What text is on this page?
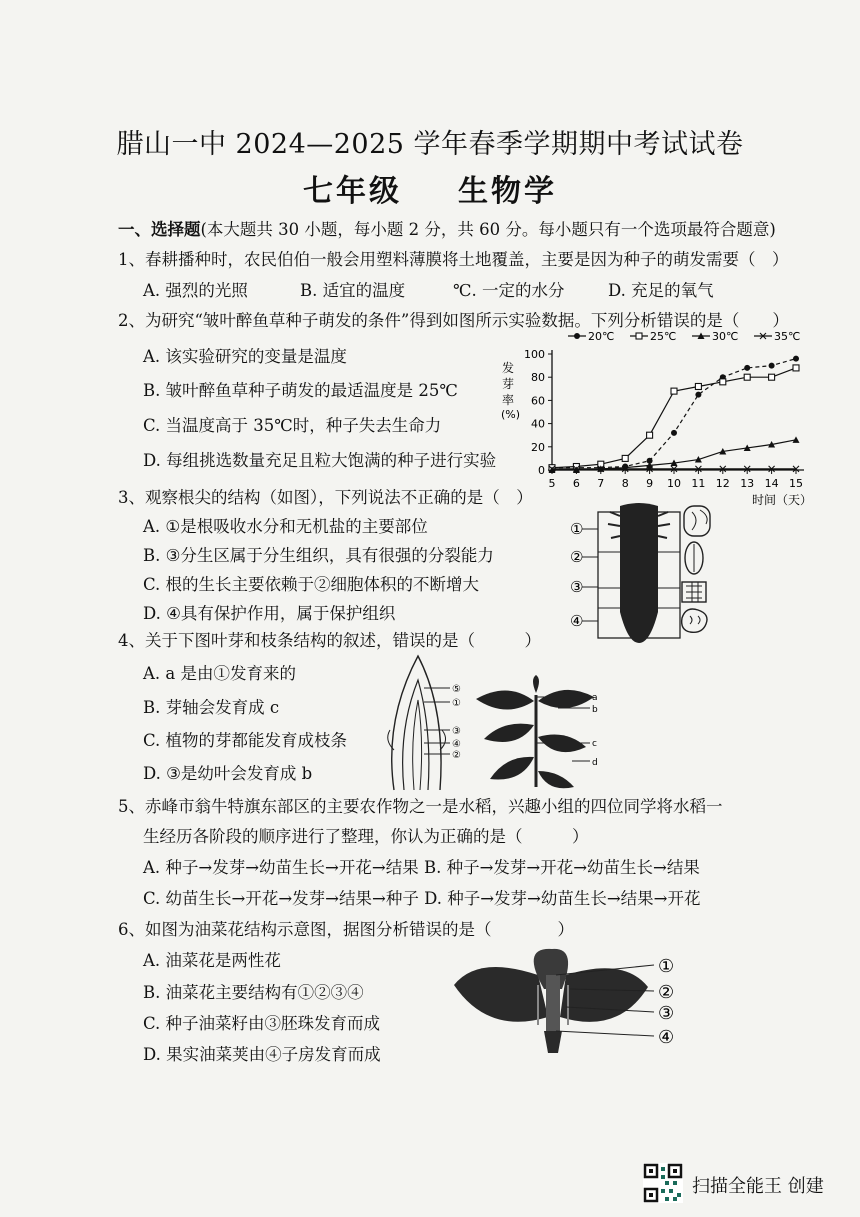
腊山一中 2024—2025 学年春季学期期中考试试卷
七年级 生物学
一、选择题(本大题共 30 小题，每小题 2 分，共 60 分。每小题只有一个选项最符合题意)
1、春耕播种时，农民伯伯一般会用塑料薄膜将土地覆盖，主要是因为种子的萌发需要（　）
A. 强烈的光照	B. 适宜的温度	℃. 一定的水分	D. 充足的氧气
2、为研究“皱叶醉鱼草种子萌发的条件”得到如图所示实验数据。下列分析错误的是（　　）
A. 该实验研究的变量是温度
B. 皱叶醉鱼草种子萌发的最适温度是 25℃
C. 当温度高于 35℃时，种子失去生命力
D. 每组挑选数量充足且粒大饱满的种子进行实验
20℃	25℃	30℃	35℃
0
20
40
60
80
100
5 6 7 8 9 10 11 12 13 14 15
发
芽
率
(%)
时间（天）
3、观察根尖的结构（如图），下列说法不正确的是（　）
A. ①是根吸收水分和无机盐的主要部位
B. ③分生区属于分生组织，具有很强的分裂能力
C. 根的生长主要依赖于②细胞体积的不断增大
D. ④具有保护作用，属于保护组织
①
②
③
④
4、关于下图叶芽和枝条结构的叙述，错误的是（　　　）
A. a 是由①发育来的
B. 芽轴会发育成 c
C. 植物的芽都能发育成枝条
D. ③是幼叶会发育成 b
⑤
①
③
④
②
a
b
c
d
5、赤峰市翁牛特旗东部区的主要农作物之一是水稻，兴趣小组的四位同学将水稻一
生经历各阶段的顺序进行了整理，你认为正确的是（　　　）
A. 种子→发芽→幼苗生长→开花→结果 B. 种子→发芽→开花→幼苗生长→结果
C. 幼苗生长→开花→发芽→结果→种子 D. 种子→发芽→幼苗生长→结果→开花
6、如图为油菜花结构示意图，据图分析错误的是（　　　　）
A. 油菜花是两性花
B. 油菜花主要结构有①②③④
C. 种子油菜籽由③胚珠发育而成
D. 果实油菜荚由④子房发育而成
①
②
③
④
扫描全能王 创建
